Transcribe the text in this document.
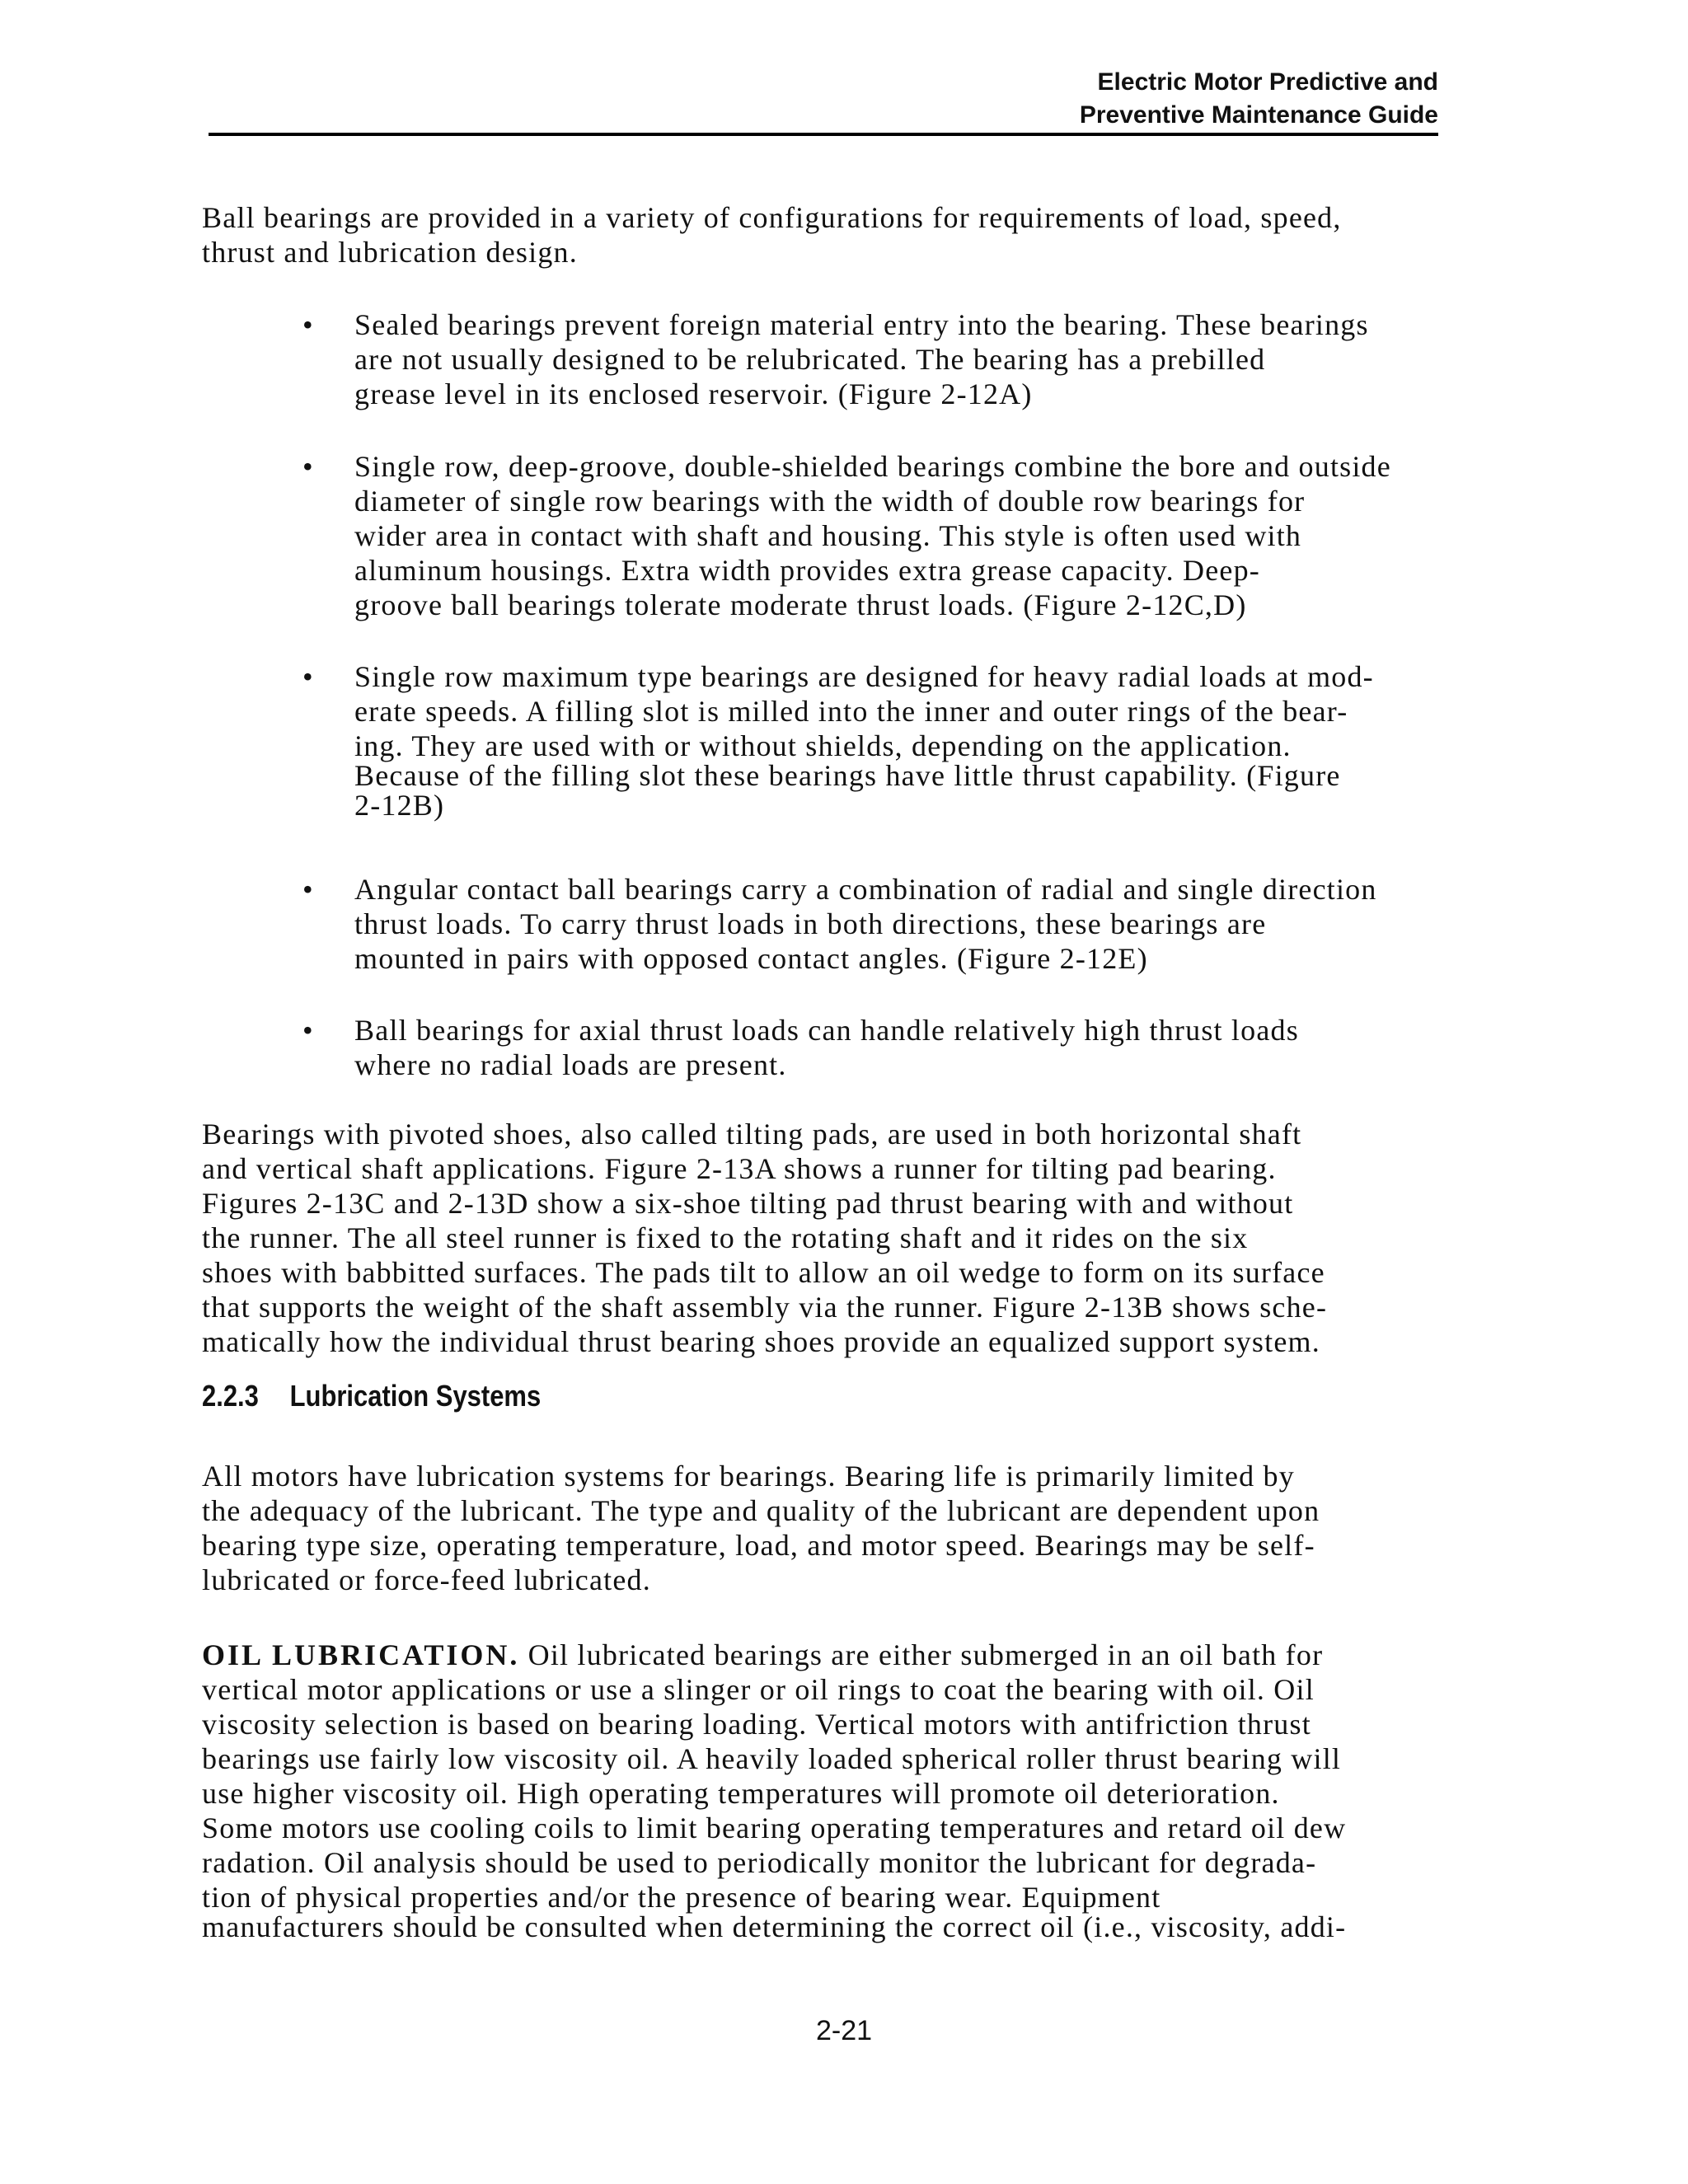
Electric Motor Predictive and
Preventive Maintenance Guide
Ball bearings are provided in a variety of configurations for requirements of load, speed,
thrust and lubrication design.
• Sealed bearings prevent foreign material entry into the bearing. These bearings
are not usually designed to be relubricated. The bearing has a prebilled
grease level in its enclosed reservoir. (Figure 2-12A)
• Single row, deep-groove, double-shielded bearings combine the bore and outside
diameter of single row bearings with the width of double row bearings for
wider area in contact with shaft and housing. This style is often used with
aluminum housings. Extra width provides extra grease capacity. Deep-
groove ball bearings tolerate moderate thrust loads. (Figure 2-12C,D)
• Single row maximum type bearings are designed for heavy radial loads at mod-
erate speeds. A filling slot is milled into the inner and outer rings of the bear-
ing. They are used with or without shields, depending on the application.
Because of the filling slot these bearings have little thrust capability. (Figure
2-12B)
• Angular contact ball bearings carry a combination of radial and single direction
thrust loads. To carry thrust loads in both directions, these bearings are
mounted in pairs with opposed contact angles. (Figure 2-12E)
• Ball bearings for axial thrust loads can handle relatively high thrust loads
where no radial loads are present.
Bearings with pivoted shoes, also called tilting pads, are used in both horizontal shaft
and vertical shaft applications. Figure 2-13A shows a runner for tilting pad bearing.
Figures 2-13C and 2-13D show a six-shoe tilting pad thrust bearing with and without
the runner. The all steel runner is fixed to the rotating shaft and it rides on the six
shoes with babbitted surfaces. The pads tilt to allow an oil wedge to form on its surface
that supports the weight of the shaft assembly via the runner. Figure 2-13B shows sche-
matically how the individual thrust bearing shoes provide an equalized support system.
2.2.3 Lubrication Systems
All motors have lubrication systems for bearings. Bearing life is primarily limited by
the adequacy of the lubricant. The type and quality of the lubricant are dependent upon
bearing type size, operating temperature, load, and motor speed. Bearings may be self-
lubricated or force-feed lubricated.
OIL LUBRICATION. Oil lubricated bearings are either submerged in an oil bath for
vertical motor applications or use a slinger or oil rings to coat the bearing with oil. Oil
viscosity selection is based on bearing loading. Vertical motors with antifriction thrust
bearings use fairly low viscosity oil. A heavily loaded spherical roller thrust bearing will
use higher viscosity oil. High operating temperatures will promote oil deterioration.
Some motors use cooling coils to limit bearing operating temperatures and retard oil dew
radation. Oil analysis should be used to periodically monitor the lubricant for degrada-
tion of physical properties and/or the presence of bearing wear. Equipment
manufacturers should be consulted when determining the correct oil (i.e., viscosity, addi-
2-21
